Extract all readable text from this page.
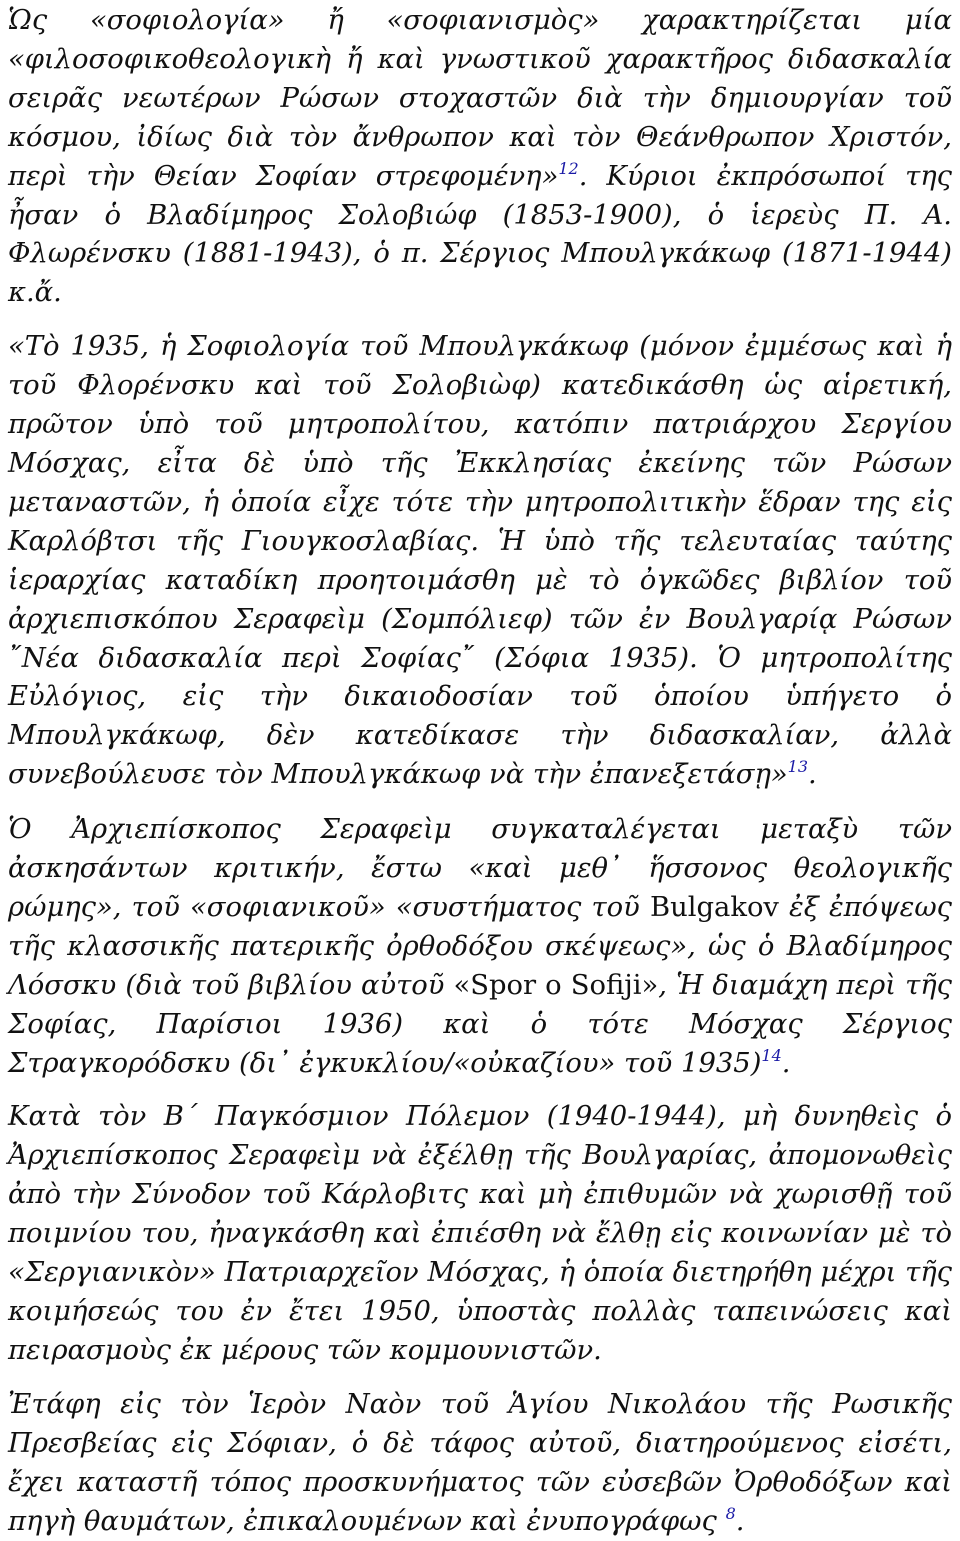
Ὡς «σοφιολογία» ἤ «σοφιανισμὸς» χαρακτηρίζεται μία «φιλοσοφικοθεολογικὴ ἤ καὶ γνωστικοῦ χαρακτῆρος διδασκαλία σειρᾶς νεωτέρων Ρώσων στοχαστῶν διὰ τὴν δημιουργίαν τοῦ κόσμου, ἰδίως διὰ τὸν ἄνθρωπον καὶ τὸν Θεάνθρωπον Χριστόν, περὶ τὴν Θείαν Σοφίαν στρεφομένη»$^{12}$. Κύριοι ἐκπρόσωποί της ἦσαν ὁ Βλαδίμηρος Σολοβιώφ (1853-1900), ὁ ἱερεὺς Π. Α. Φλωρένσκυ (1881-1943), ὁ π. Σέργιος Μπουλγκάκωφ (1871-1944) κ.ἄ.

«Τὸ 1935, ἡ Σοφιολογία τοῦ Μπουλγκάκωφ (μόνον ἐμμέσως καὶ ἡ τοῦ Φλορένσκυ καὶ τοῦ Σολοβιὼφ) κατεδικάσθη ὡς αἱρετική, πρῶτον ὑπὸ τοῦ μητροπολίτου, κατόπιν πατριάρχου Σεργίου Μόσχας, εἶτα δὲ ὑπὸ τῆς Ἐκκλησίας ἐκείνης τῶν Ρώσων μεταναστῶν, ἡ ὁποία εἶχε τότε τὴν μητροπολιτικὴν ἕδραν της εἰς Καρλόβτσι τῆς Γιουγκοσλαβίας. Ἡ ὑπὸ τῆς τελευταίας ταύτης ἱεραρχίας καταδίκη προητοιμάσθη μὲ τὸ ὀγκῶδες βιβλίον τοῦ ἀρχιεπισκόπου Σεραφεὶμ (Σομπόλιεφ) τῶν ἐν Βουλγαρίᾳ Ρώσων ῎Νέα διδασκαλία περὶ Σοφίας῎ (Σόφια 1935). Ὁ μητροπολίτης Εὐλόγιος, εἰς τὴν δικαιοδοσίαν τοῦ ὁποίου ὑπήγετο ὁ Μπουλγκάκωφ, δὲν κατεδίκασε τὴν διδασκαλίαν, ἀλλὰ συνεβούλευσε τὸν Μπουλγκάκωφ νὰ τὴν ἐπανεξετάσῃ»$^{13}$.

Ὁ Ἀρχιεπίσκοπος Σεραφεὶμ συγκαταλέγεται μεταξὺ τῶν ἀσκησάντων κριτικήν, ἔστω «καὶ μεθ᾽ ἥσσονος θεολογικῆς ρώμης», τοῦ «σοφιανικοῦ» «συστήματος τοῦ Bulgakov ἐξ ἐπόψεως τῆς κλασσικῆς πατερικῆς ὀρθοδόξου σκέψεως», ὡς ὁ Βλαδίμηρος Λόσσκυ (διὰ τοῦ βιβλίου αὐτοῦ «Spor o Sofiji», Ἡ διαμάχη περὶ τῆς Σοφίας, Παρίσιοι 1936) καὶ ὁ τότε Μόσχας Σέργιος Στραγκορόδσκυ (δι᾽ ἐγκυκλίου/«οὐκαζίου» τοῦ 1935)$^{14}$.

Κατὰ τὸν Β´ Παγκόσμιον Πόλεμον (1940-1944), μὴ δυνηθεὶς ὁ Ἀρχιεπίσκοπος Σεραφεὶμ νὰ ἐξέλθῃ τῆς Βουλγαρίας, ἀπομονωθεὶς ἀπὸ τὴν Σύνοδον τοῦ Κάρλοβιτς καὶ μὴ ἐπιθυμῶν νὰ χωρισθῇ τοῦ ποιμνίου του, ἠναγκάσθη καὶ ἐπιέσθη νὰ ἔλθῃ εἰς κοινωνίαν μὲ τὸ «Σεργιανικὸν» Πατριαρχεῖον Μόσχας, ἡ ὁποία διετηρήθη μέχρι τῆς κοιμήσεώς του ἐν ἔτει 1950, ὑποστὰς πολλὰς ταπεινώσεις καὶ πειρασμοὺς ἐκ μέρους τῶν κομμουνιστῶν.

Ἐτάφη εἰς τὸν Ἱερὸν Ναὸν τοῦ Ἁγίου Νικολάου τῆς Ρωσικῆς Πρεσβείας εἰς Σόφιαν, ὁ δὲ τάφος αὐτοῦ, διατηρούμενος εἰσέτι, ἔχει καταστῆ τόπος προσκυνήματος τῶν εὐσεβῶν Ὀρθοδόξων καὶ πηγὴ θαυμάτων, ἐπικαλουμένων καὶ ἐνυπογράφως $^8$.
